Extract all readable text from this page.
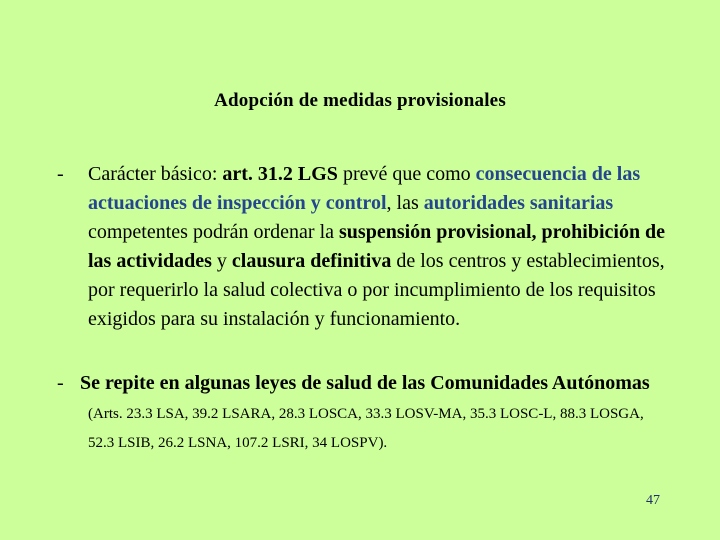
Adopción de medidas provisionales
-	Carácter básico: art. 31.2 LGS prevé que como consecuencia de las actuaciones de inspección y control, las autoridades sanitarias competentes podrán ordenar la suspensión provisional, prohibición de las actividades y clausura definitiva de los centros y establecimientos, por requerirlo la salud colectiva o por incumplimiento de los requisitos exigidos para su instalación y funcionamiento.
- Se repite en algunas leyes de salud de las Comunidades Autónomas (Arts. 23.3 LSA, 39.2 LSARA, 28.3 LOSCA, 33.3 LOSV-MA, 35.3 LOSC-L, 88.3 LOSGA, 52.3 LSIB, 26.2 LSNA, 107.2 LSRI, 34 LOSPV).
47
